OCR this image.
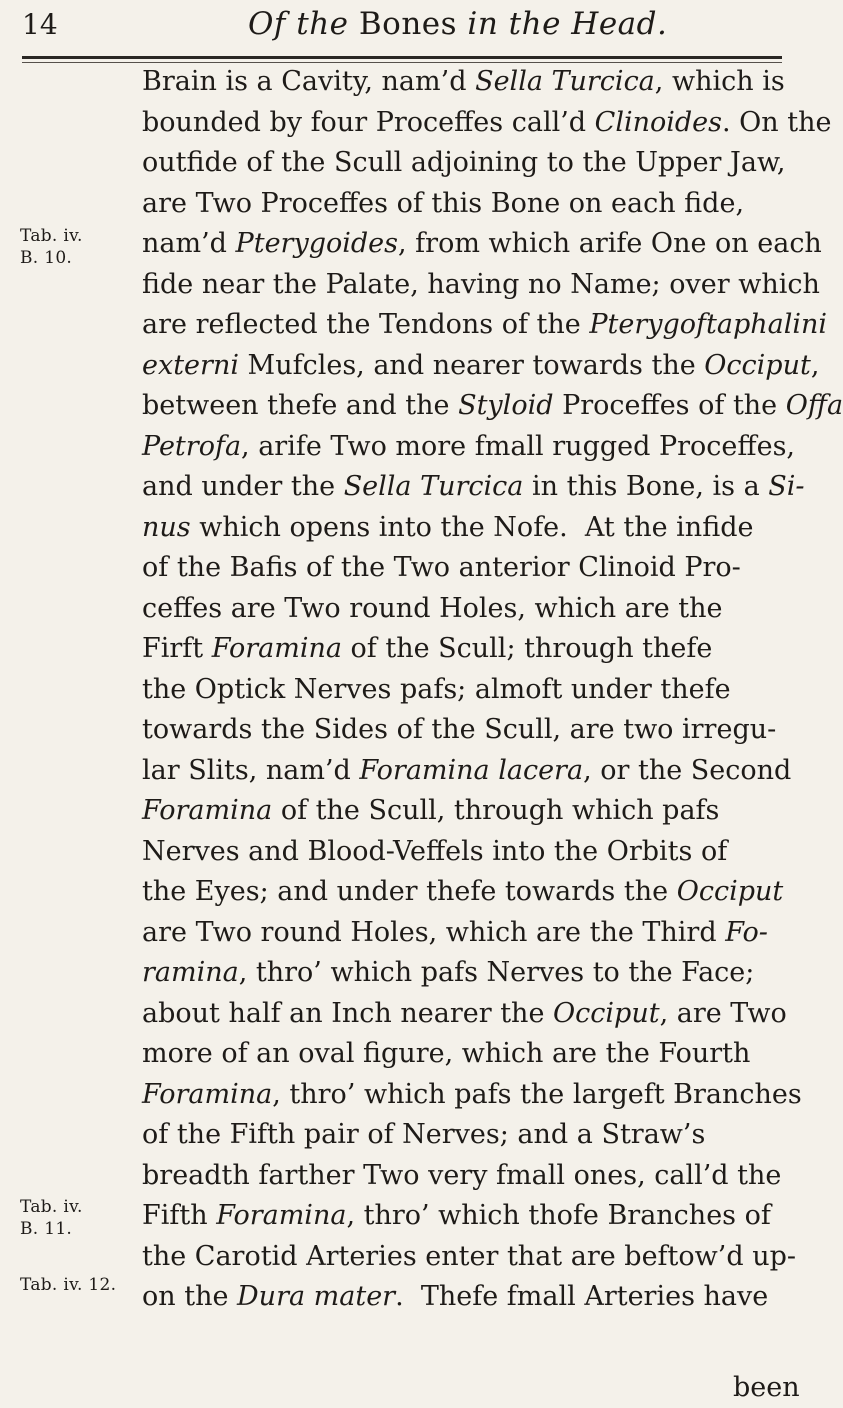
14	Of the Bones in the Head.
Tab. iv.
B. 10.
Tab. iv.
B. 11.
Tab. iv. 12.
Brain is a Cavity, nam’d Sella Turcica, which is
bounded by four Proceffes call’d Clinoides. On the
outfide of the Scull adjoining to the Upper Jaw,
are Two Proceffes of this Bone on each fide,
nam’d Pterygoides, from which arife One on each
fide near the Palate, having no Name; over which
are reflected the Tendons of the Pterygoftaphalini
externi Mufcles, and nearer towards the Occiput,
between thefe and the Styloid Proceffes of the Offa
Petrofa, arife Two more fmall rugged Proceffes,
and under the Sella Turcica in this Bone, is a Si-
nus which opens into the Nofe.  At the infide
of the Bafis of the Two anterior Clinoid Pro-
ceffes are Two round Holes, which are the
Firft Foramina of the Scull; through thefe
the Optick Nerves pafs; almoft under thefe
towards the Sides of the Scull, are two irregu-
lar Slits, nam’d Foramina lacera, or the Second
Foramina of the Scull, through which pafs
Nerves and Blood-Veffels into the Orbits of
the Eyes; and under thefe towards the Occiput
are Two round Holes, which are the Third Fo-
ramina, thro’ which pafs Nerves to the Face;
about half an Inch nearer the Occiput, are Two
more of an oval figure, which are the Fourth
Foramina, thro’ which pafs the largeft Branches
of the Fifth pair of Nerves; and a Straw’s
breadth farther Two very fmall ones, call’d the
Fifth Foramina, thro’ which thofe Branches of
the Carotid Arteries enter that are beftow’d up-
on the Dura mater.  Thefe fmall Arteries have
been
